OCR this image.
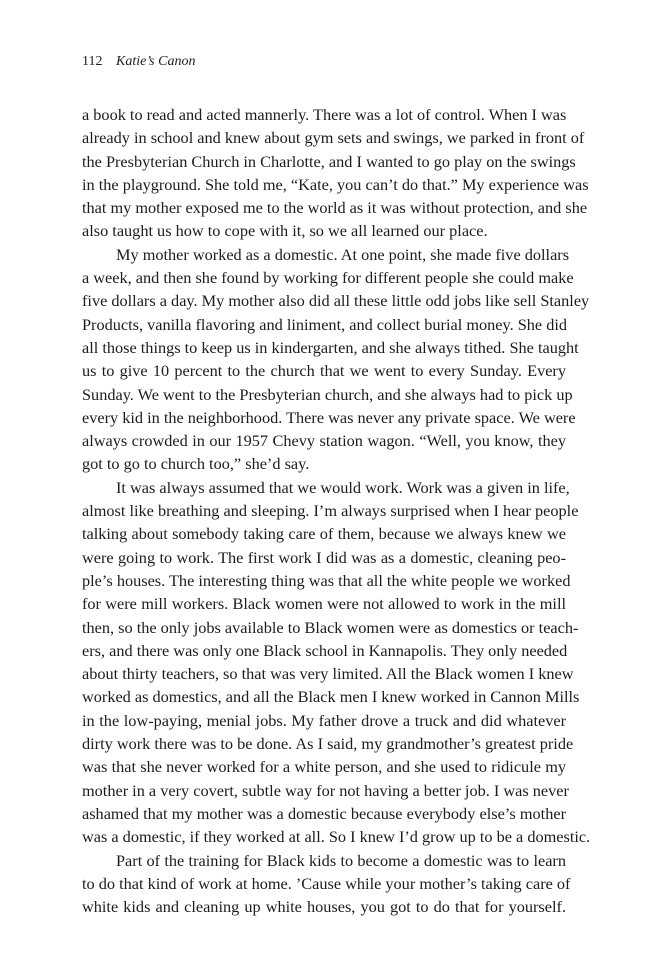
112 Katie’s Canon
a book to read and acted mannerly. There was a lot of control. When I was
already in school and knew about gym sets and swings, we parked in front of
the Presbyterian Church in Charlotte, and I wanted to go play on the swings
in the playground. She told me, “Kate, you can’t do that.” My experience was
that my mother exposed me to the world as it was without protection, and she
also taught us how to cope with it, so we all learned our place.
My mother worked as a domestic. At one point, she made five dollars
a week, and then she found by working for different people she could make
five dollars a day. My mother also did all these little odd jobs like sell Stanley
Products, vanilla flavoring and liniment, and collect burial money. She did
all those things to keep us in kindergarten, and she always tithed. She taught
us to give 10 percent to the church that we went to every Sunday. Every
Sunday. We went to the Presbyterian church, and she always had to pick up
every kid in the neighborhood. There was never any private space. We were
always crowded in our 1957 Chevy station wagon. “Well, you know, they
got to go to church too,” she’d say.
It was always assumed that we would work. Work was a given in life,
almost like breathing and sleeping. I’m always surprised when I hear people
talking about somebody taking care of them, because we always knew we
were going to work. The first work I did was as a domestic, cleaning peo-
ple’s houses. The interesting thing was that all the white people we worked
for were mill workers. Black women were not allowed to work in the mill
then, so the only jobs available to Black women were as domestics or teach-
ers, and there was only one Black school in Kannapolis. They only needed
about thirty teachers, so that was very limited. All the Black women I knew
worked as domestics, and all the Black men I knew worked in Cannon Mills
in the low-paying, menial jobs. My father drove a truck and did whatever
dirty work there was to be done. As I said, my grandmother’s greatest pride
was that she never worked for a white person, and she used to ridicule my
mother in a very covert, subtle way for not having a better job. I was never
ashamed that my mother was a domestic because everybody else’s mother
was a domestic, if they worked at all. So I knew I’d grow up to be a domestic.
Part of the training for Black kids to become a domestic was to learn
to do that kind of work at home. ’Cause while your mother’s taking care of
white kids and cleaning up white houses, you got to do that for yourself.
